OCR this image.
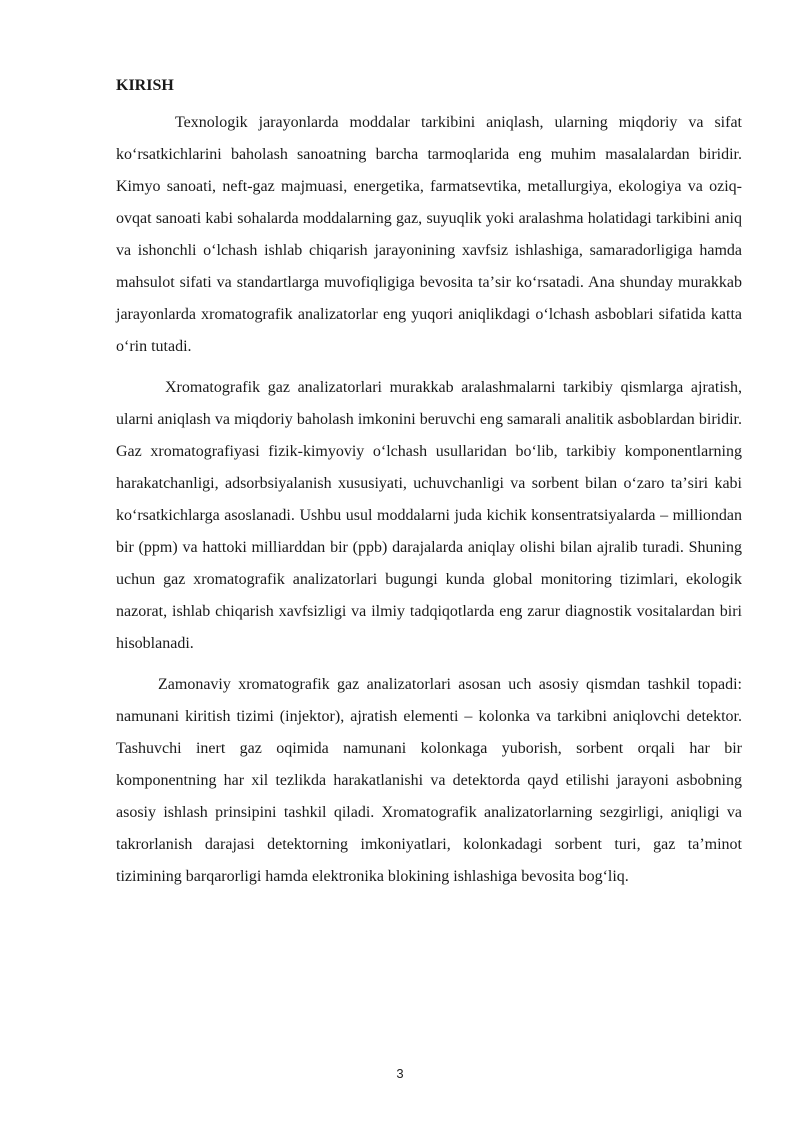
KIRISH

Texnologik jarayonlarda moddalar tarkibini aniqlash, ularning miqdoriy va sifat koʻrsatkichlarini baholash sanoatning barcha tarmoqlarida eng muhim masalalardan biridir. Kimyo sanoati, neft-gaz majmuasi, energetika, farmatsevtika, metallurgiya, ekologiya va oziq-ovqat sanoati kabi sohalarda moddalarning gaz, suyuqlik yoki aralashma holatidagi tarkibini aniq va ishonchli oʻlchash ishlab chiqarish jarayonining xavfsiz ishlashiga, samaradorligiga hamda mahsulot sifati va standartlarga muvofiqligiga bevosita taʼsir koʻrsatadi. Ana shunday murakkab jarayonlarda xromatografik analizatorlar eng yuqori aniqlikdagi oʻlchash asboblari sifatida katta oʻrin tutadi.

Xromatografik gaz analizatorlari murakkab aralashmalarni tarkibiy qismlarga ajratish, ularni aniqlash va miqdoriy baholash imkonini beruvchi eng samarali analitik asboblardan biridir. Gaz xromatografiyasi fizik-kimyoviy oʻlchash usullaridan boʻlib, tarkibiy komponentlarning harakatchanligi, adsorbsiyalanish xususiyati, uchuvchanligi va sorbent bilan oʻzaro taʼsiri kabi koʻrsatkichlarga asoslanadi. Ushbu usul moddalarni juda kichik konsentratsiyalarda – milliondan bir (ppm) va hattoki milliarddan bir (ppb) darajalarda aniqlay olishi bilan ajralib turadi. Shuning uchun gaz xromatografik analizatorlari bugungi kunda global monitoring tizimlari, ekologik nazorat, ishlab chiqarish xavfsizligi va ilmiy tadqiqotlarda eng zarur diagnostik vositalardan biri hisoblanadi.

Zamonaviy xromatografik gaz analizatorlari asosan uch asosiy qismdan tashkil topadi: namunani kiritish tizimi (injektor), ajratish elementi – kolonka va tarkibni aniqlovchi detektor. Tashuvchi inert gaz oqimida namunani kolonkaga yuborish, sorbent orqali har bir komponentning har xil tezlikda harakatlanishi va detektorda qayd etilishi jarayoni asbobning asosiy ishlash prinsipini tashkil qiladi. Xromatografik analizatorlarning sezgirligi, aniqligi va takrorlanish darajasi detektorning imkoniyatlari, kolonkadagi sorbent turi, gaz taʼminot tizimining barqarorligi hamda elektronika blokining ishlashiga bevosita bogʻliq.

3
